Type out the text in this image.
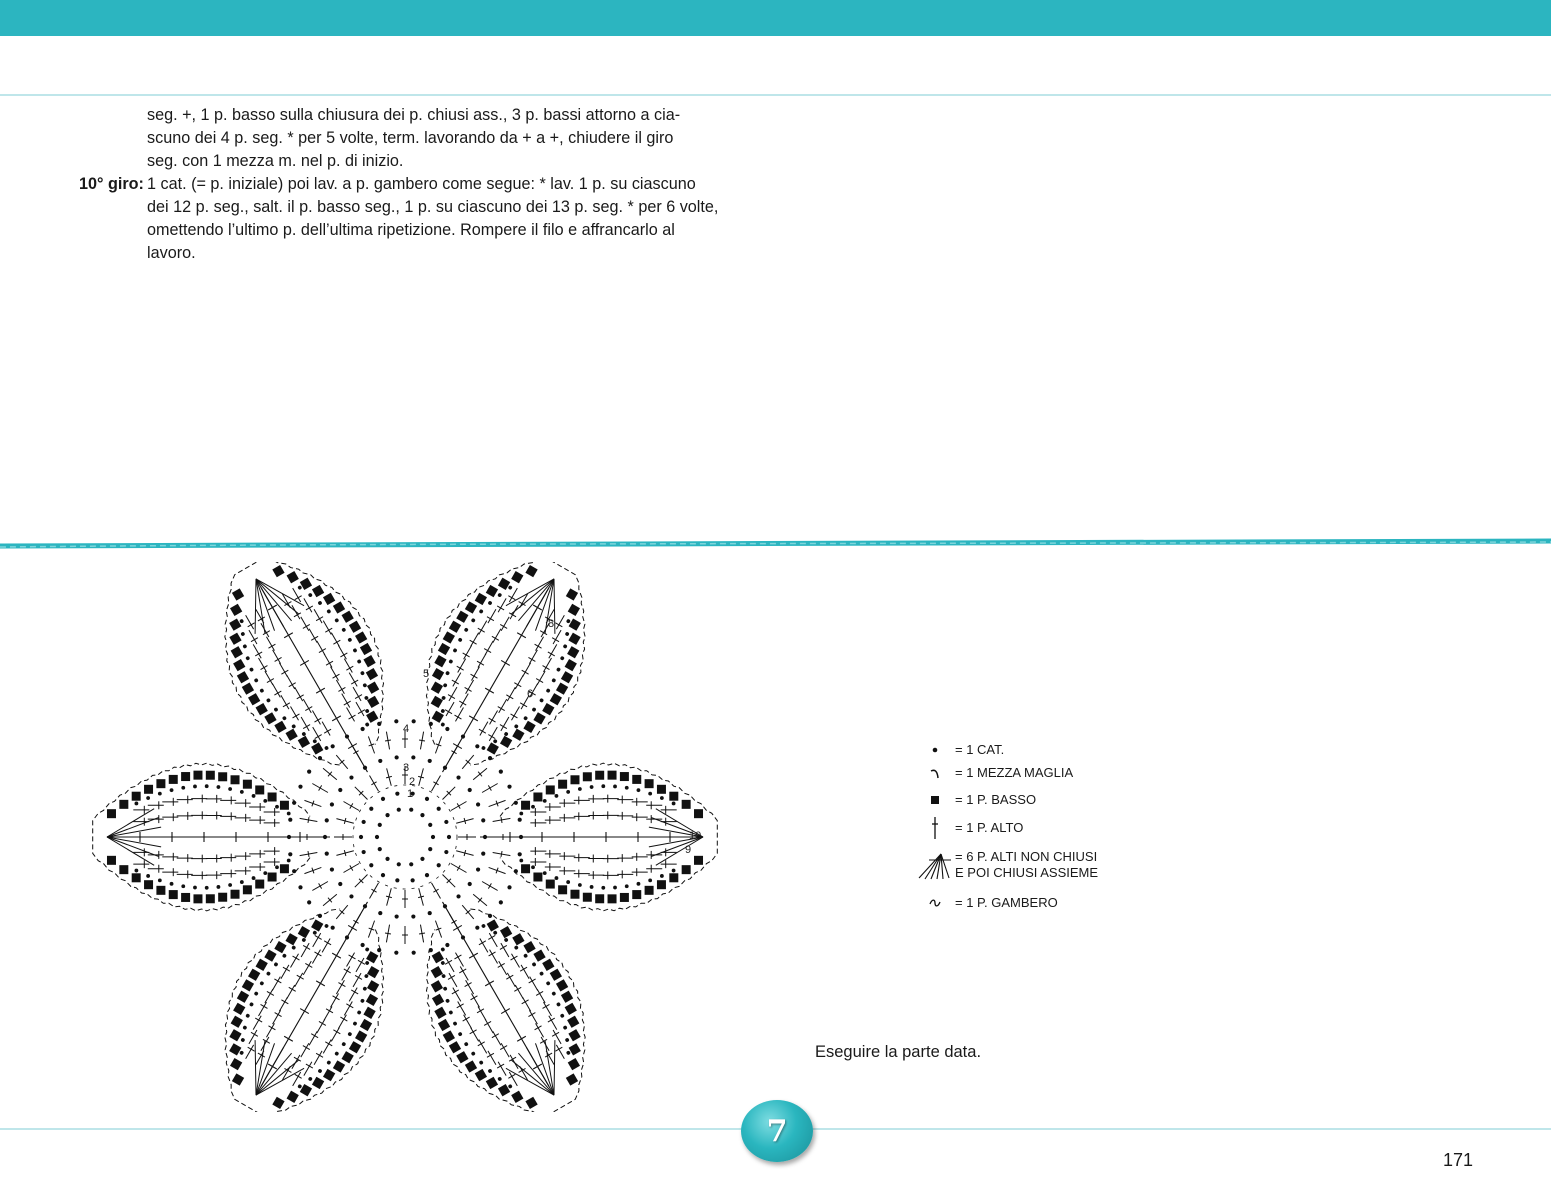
seg. +, 1 p. basso sulla chiusura dei p. chiusi ass., 3 p. bassi attorno a cia-
scuno dei 4 p. seg. * per 5 volte, term. lavorando da + a +, chiudere il giro
seg. con 1 mezza m. nel p. di inizio.
10° giro: 1 cat. (= p. iniziale) poi lav. a p. gambero come segue: * lav. 1 p. su ciascuno
dei 12 p. seg., salt. il p. basso seg., 1 p. su ciascuno dei 13 p. seg. * per 6 volte,
omettendo l’ultimo p. dell’ultima ripetizione. Rompere il filo e affrancarlo al
lavoro.
1
2
3
4
5
6
8
9
10
= 1 CAT.
= 1 MEZZA MAGLIA
= 1 P. BASSO
= 1 P. ALTO
= 6 P. ALTI NON CHIUSI
E POI CHIUSI ASSIEME
= 1 P. GAMBERO
Eseguire la parte data.
7
171
